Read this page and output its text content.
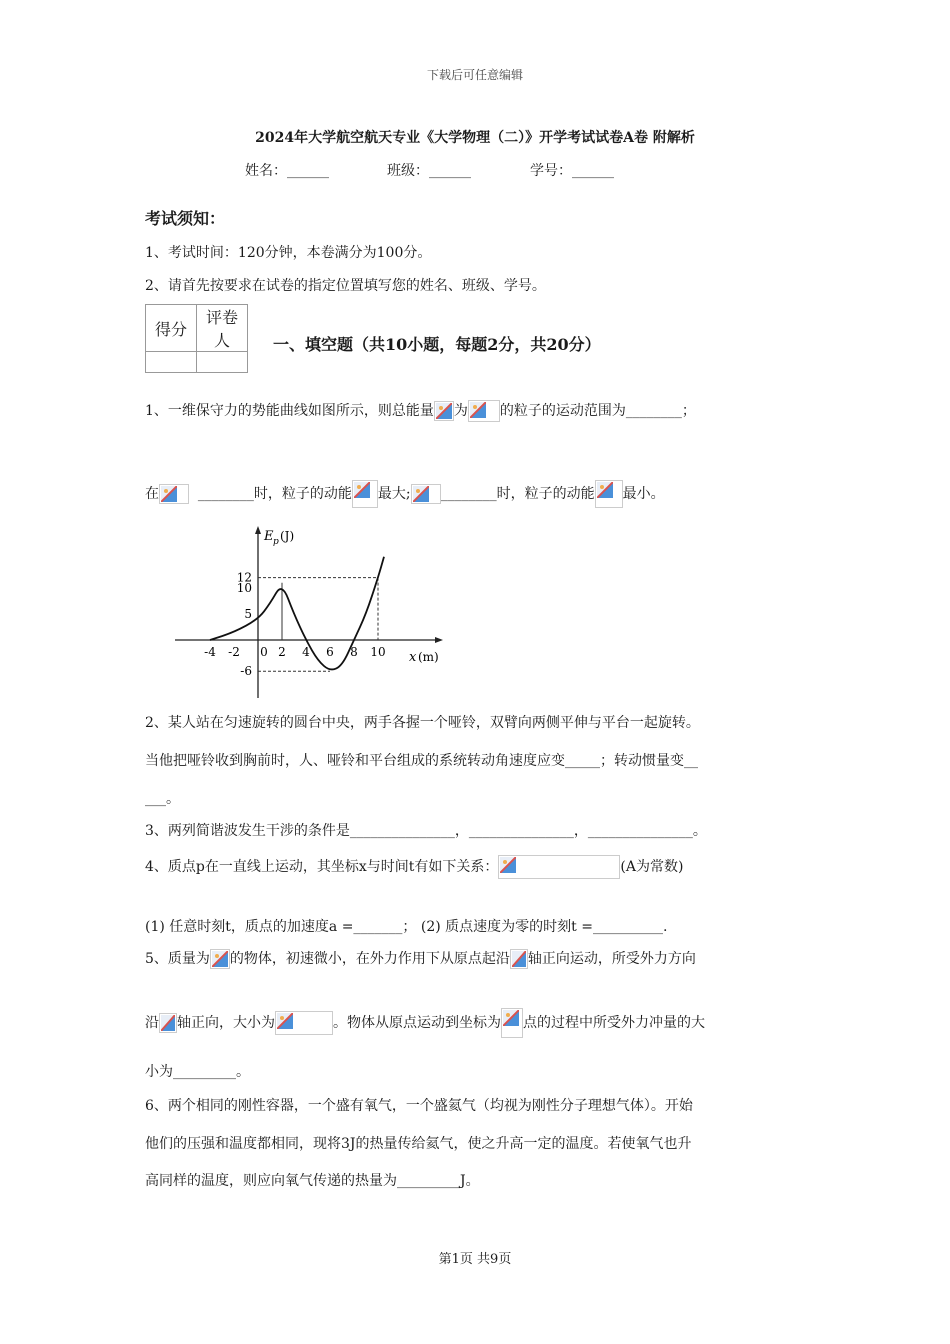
下载后可任意编辑
2024年大学航空航天专业《大学物理（二）》开学考试试卷A卷 附解析
姓名：______	班级：______	学号：______
考试须知：
1、考试时间：120分钟，本卷满分为100分。
2、请首先按要求在试卷的指定位置填写您的姓名、班级、学号。
得分	评卷人
		一、填空题（共10小题，每题2分，共20分）
1、一维保守力的势能曲线如图所示，则总能量 为 的粒子的运动范围为________；
在	________时，粒子的动能 最大; ________时，粒子的动能 最小。
12
10
5
-6
-4 -2 0 2 4 6 8 10
E p (J)
x (m)
2、某人站在匀速旋转的圆台中央，两手各握一个哑铃，双臂向两侧平伸与平台一起旋转。
当他把哑铃收到胸前时，人、哑铃和平台组成的系统转动角速度应变_____；转动惯量变__
___。
3、两列简谐波发生干涉的条件是_______________，_______________，_______________。
4、质点p在一直线上运动，其坐标x与时间t有如下关系：	(A为常数)
(1) 任意时刻t，质点的加速度a =_______； (2) 质点速度为零的时刻t =__________.
5、质量为 的物体，初速微小，在外力作用下从原点起沿 轴正向运动，所受外力方向
沿 轴正向，大小为	。物体从原点运动到坐标为 点的过程中所受外力冲量的大
小为_________。
6、两个相同的刚性容器，一个盛有氧气，一个盛氦气（均视为刚性分子理想气体）。开始
他们的压强和温度都相同，现将3J的热量传给氦气，使之升高一定的温度。若使氧气也升
高同样的温度，则应向氧气传递的热量为_________J。
第1页 共9页
